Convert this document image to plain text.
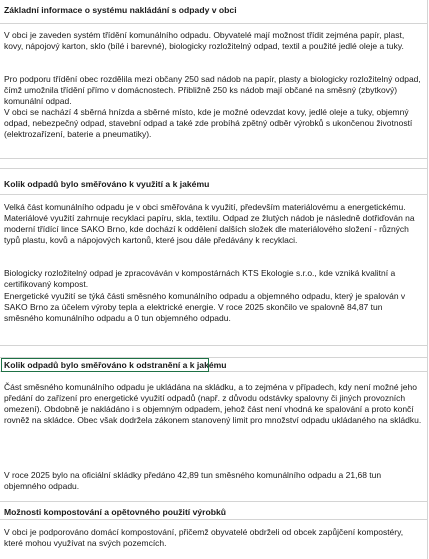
Základní informace o systému nakládání s odpady v obci
V obci je zaveden systém třídění komunálního odpadu. Obyvatelé mají možnost třídit zejména papír, plast, kovy, nápojový karton, sklo (bílé i barevné), biologicky rozložitelný odpad, textil a použité jedlé oleje a tuky.
Pro podporu třídění obec rozdělila mezi občany 250 sad nádob na papír, plasty a biologicky rozložitelný odpad, čímž umožnila třídění přímo v domácnostech. Přibližně 250 ks nádob mají občané na směsný (zbytkový) komunální odpad.
V obci se nachází 4 sběrná hnízda a sběrné místo, kde je možné odevzdat kovy, jedlé oleje a tuky, objemný odpad, nebezpečný odpad, stavební odpad a také zde probíhá zpětný odběr výrobků s ukončenou životností (elektrozařízení, baterie a pneumatiky).
Kolik odpadů bylo směřováno k využití a k jakému
Velká část komunálního odpadu je v obci směřována k využití, především materiálovému a energetickému. Materiálové využití zahrnuje recyklaci papíru, skla, textilu. Odpad ze žlutých nádob je následně dotřiďován na moderní třídící lince SAKO Brno, kde dochází k oddělení dalších složek dle materiálového složení - různých typů plastu, kovů a nápojových kartonů, které jsou dále předávány k recyklaci.
Biologicky rozložitelný odpad je zpracováván v kompostárnách KTS Ekologie s.r.o., kde vzniká kvalitní a certifikovaný kompost.
Energetické využití se týká části směsného komunálního odpadu a objemného odpadu, který je spalován v SAKO Brno za účelem výroby tepla a elektrické energie. V roce 2025 skončilo ve spalovně 84,87 tun směsného komunálního odpadu a 0 tun objemného odpadu.
Kolik odpadů bylo směřováno k odstranění a k jakému
Část směsného komunálního odpadu je ukládána na skládku, a to zejména v případech, kdy není možné jeho předání do zařízení pro energetické využití odpadů (např. z důvodu odstávky spalovny či jiných provozních omezení). Obdobně je nakládáno i s objemným odpadem, jehož část není vhodná ke spalování a proto končí rovněž na skládce. Obec však dodržela zákonem stanovený limit pro množství odpadu ukládaného na skládku.
V roce 2025 bylo na oficiální skládky předáno 42,89 tun směsného komunálního odpadu a 21,68 tun objemného odpadu.
Možnosti kompostování a opětovného použití výrobků
V obci je podporováno domácí kompostování, přičemž obyvatelé obdrželi od obcek zapůjčení kompostéry, které mohou využívat na svých pozemcích.
